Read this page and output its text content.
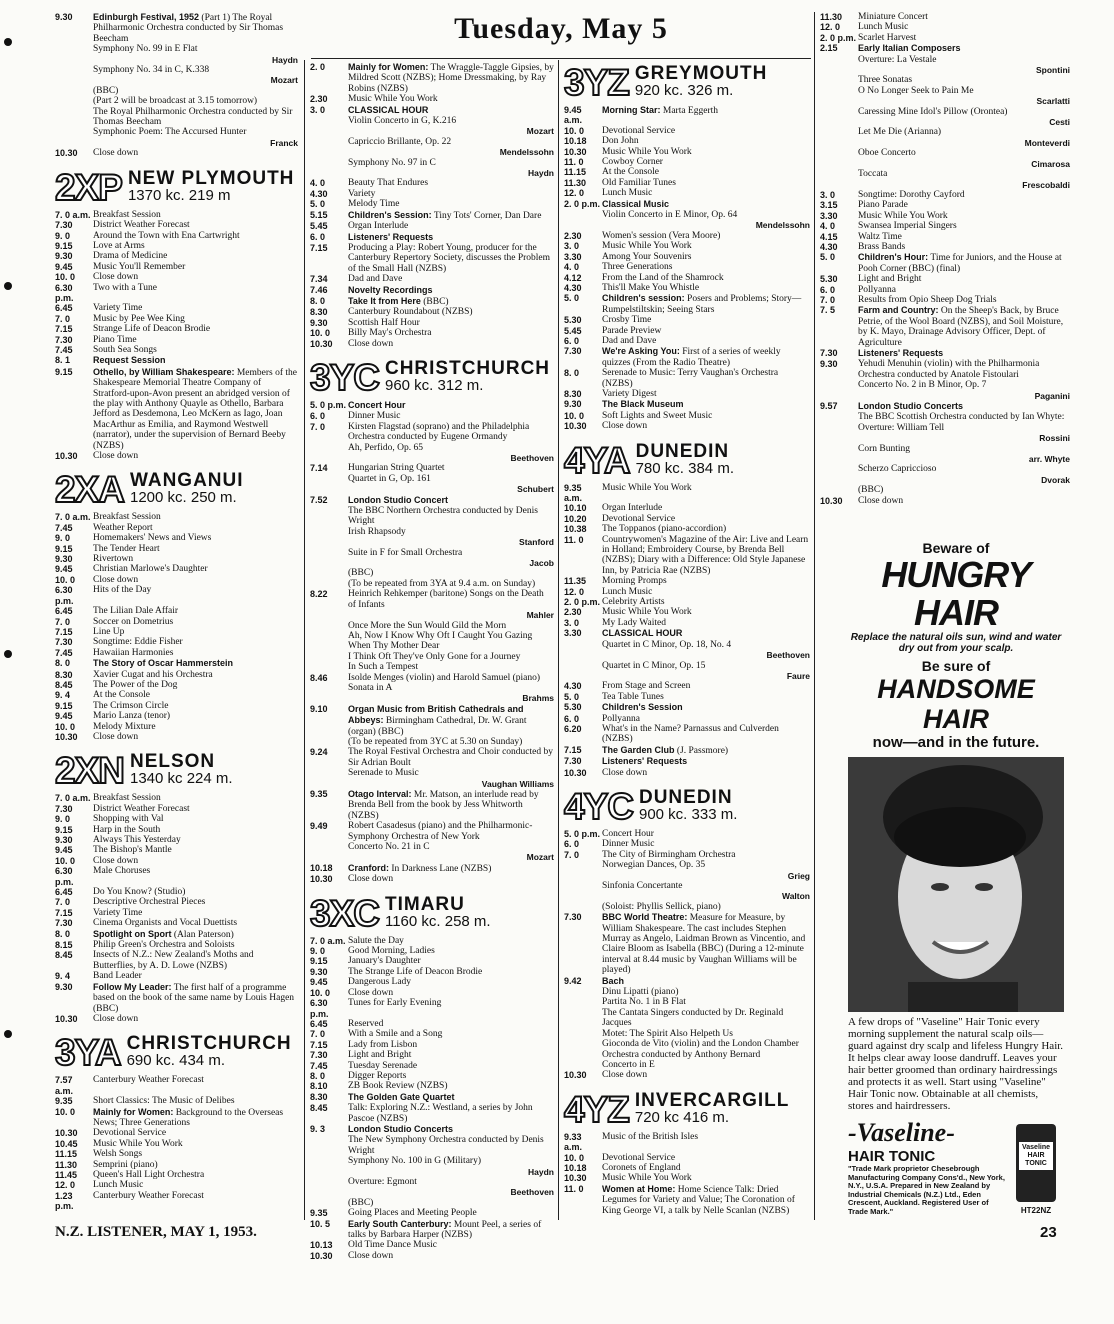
Tuesday, May 5
9.30	Edinburgh Festival, 1952 (Part 1) The Royal Philharmonic Orchestra conducted by Sir Thomas Beecham
Symphony No. 99 in E Flat
Haydn
Symphony No. 34 in C, K.338
Mozart
(BBC)
(Part 2 will be broadcast at 3.15 tomorrow)
The Royal Philharmonic Orchestra conducted by Sir Thomas Beecham
Symphonic Poem: The Accursed Hunter
Franck
10.30	Close down
2XP NEW PLYMOUTH
1370 kc. 219 m
7. 0 a.m. Breakfast Session
7.30	District Weather Forecast
9. 0	Around the Town with Ena Cartwright
9.15	Love at Arms
9.30	Drama of Medicine
9.45	Music You'll Remember
10. 0	Close down
6.30 p.m.
Two with a Tune
6.45	Variety Time
7. 0	Music by Pee Wee King
7.15	Strange Life of Deacon Brodie
7.30	Piano Time
7.45	South Sea Songs
8. 1	Request Session
9.15	Othello, by William Shakespeare: Members of the Shakespeare Memorial Theatre Company of Stratford-upon-Avon present an abridged version of the play with Anthony Quayle as Othello, Barbara Jefford as Desdemona, Leo McKern as Iago, Joan MacArthur as Emilia, and Raymond Westwell (narrator), under the supervision of Bernard Beeby (NZBS)
10.30	Close down
2XA WANGANUI
1200 kc. 250 m.
7. 0 a.m. Breakfast Session
7.45	Weather Report
9. 0	Homemakers' News and Views
9.15	The Tender Heart
9.30	Rivertown
9.45	Christian Marlowe's Daughter
10. 0	Close down
6.30 p.m.
Hits of the Day
6.45	The Lilian Dale Affair
7. 0	Soccer on Dometrius
7.15	Line Up
7.30	Songtime: Eddie Fisher
7.45	Hawaiian Harmonies
8. 0	The Story of Oscar Hammerstein
8.30	Xavier Cugat and his Orchestra
8.45	The Power of the Dog
9. 4	At the Console
9.15	The Crimson Circle
9.45	Mario Lanza (tenor)
10. 0	Melody Mixture
10.30	Close down
2XN NELSON
1340 kc 224 m.
7. 0 a.m. Breakfast Session
7.30	District Weather Forecast
9. 0	Shopping with Val
9.15	Harp in the South
9.30	Always This Yesterday
9.45	The Bishop's Mantle
10. 0	Close down
6.30 p.m.
Male Choruses
6.45	Do You Know? (Studio)
7. 0	Descriptive Orchestral Pieces
7.15	Variety Time
7.30	Cinema Organists and Vocal Duettists
8. 0	Spotlight on Sport (Alan Paterson)
8.15	Philip Green's Orchestra and Soloists
8.45	Insects of N.Z.: New Zealand's Moths and Butterflies, by A. D. Lowe (NZBS)
9. 4	Band Leader
9.30	Follow My Leader: The first half of a programme based on the book of the same name by Louis Hagen (BBC)
10.30	Close down
3YA CHRISTCHURCH
690 kc. 434 m.
7.57 a.m.
Canterbury Weather Forecast
9.35	Short Classics: The Music of Delibes
10. 0	Mainly for Women: Background to the Overseas News; Three Generations
10.30	Devotional Service
10.45	Music While You Work
11.15	Welsh Songs
11.30	Semprini (piano)
11.45	Queen's Hall Light Orchestra
12. 0	Lunch Music
1.23 p.m.
Canterbury Weather Forecast
2. 0	Mainly for Women: The Wraggle-Taggle Gipsies, by Mildred Scott (NZBS); Home Dressmaking, by Ray Robins (NZBS)
2.30	Music While You Work
3. 0	CLASSICAL HOUR
Violin Concerto in G, K.216
Mozart
Capriccio Brillante, Op. 22
Mendelssohn
Symphony No. 97 in C
Haydn
4. 0	Beauty That Endures
4.30	Variety
5. 0	Melody Time
5.15	Children's Session: Tiny Tots' Corner, Dan Dare
5.45	Organ Interlude
6. 0	Listeners' Requests
7.15	Producing a Play: Robert Young, producer for the Canterbury Repertory Society, discusses the Problem of the Small Hall (NZBS)
7.34	Dad and Dave
7.46	Novelty Recordings
8. 0	Take It from Here (BBC)
8.30	Canterbury Roundabout (NZBS)
9.30	Scottish Half Hour
10. 0	Billy May's Orchestra
10.30	Close down
3YC CHRISTCHURCH
960 kc. 312 m.
5. 0 p.m. Concert Hour
6. 0	Dinner Music
7. 0	Kirsten Flagstad (soprano) and the Philadelphia Orchestra conducted by Eugene Ormandy
Ah, Perfido, Op. 65
Beethoven
7.14	Hungarian String Quartet
Quartet in G, Op. 161
Schubert
7.52	London Studio Concert
The BBC Northern Orchestra conducted by Denis Wright
Irish Rhapsody
Stanford
Suite in F for Small Orchestra
Jacob
(BBC)
(To be repeated from 3YA at 9.4 a.m. on Sunday)
8.22	Heinrich Rehkemper (baritone) Songs on the Death of Infants
Mahler
Once More the Sun Would Gild the Morn
Ah, Now I Know Why Oft I Caught You Gazing
When Thy Mother Dear
I Think Oft They've Only Gone for a Journey
In Such a Tempest
8.46	Isolde Menges (violin) and Harold Samuel (piano)
Sonata in A
Brahms
9.10	Organ Music from British Cathedrals and Abbeys: Birmingham Cathedral, Dr. W. Grant (organ) (BBC)
(To be repeated from 3YC at 5.30 on Sunday)
9.24	The Royal Festival Orchestra and Choir conducted by Sir Adrian Boult
Serenade to Music
Vaughan Williams
9.35	Otago Interval: Mr. Matson, an interlude read by Brenda Bell from the book by Jess Whitworth (NZBS)
9.49	Robert Casadesus (piano) and the Philharmonic-Symphony Orchestra of New York
Concerto No. 21 in C
Mozart
10.18	Cranford: In Darkness Lane (NZBS)
10.30	Close down
3XC TIMARU
1160 kc. 258 m.
7. 0 a.m. Salute the Day
9. 0	Good Morning, Ladies
9.15	January's Daughter
9.30	The Strange Life of Deacon Brodie
9.45	Dangerous Lady
10. 0	Close down
6.30 p.m.
Tunes for Early Evening
6.45	Reserved
7. 0	With a Smile and a Song
7.15	Lady from Lisbon
7.30	Light and Bright
7.45	Tuesday Serenade
8. 0	Digger Reports
8.10	ZB Book Review (NZBS)
8.30	The Golden Gate Quartet
8.45	Talk: Exploring N.Z.: Westland, a series by John Pascoe (NZBS)
9. 3	London Studio Concerts
The New Symphony Orchestra conducted by Denis Wright
Symphony No. 100 in G (Military)
Haydn
Overture: Egmont
Beethoven
(BBC)
9.35	Going Places and Meeting People
10. 5	Early South Canterbury: Mount Peel, a series of talks by Barbara Harper (NZBS)
10.13	Old Time Dance Music
10.30	Close down
3YZ GREYMOUTH
920 kc. 326 m.
9.45 a.m.
Morning Star: Marta Eggerth
10. 0	Devotional Service
10.18	Don John
10.30	Music While You Work
11. 0	Cowboy Corner
11.15	At the Console
11.30	Old Familiar Tunes
12. 0	Lunch Music
2. 0 p.m. Classical Music
Violin Concerto in E Minor, Op. 64
Mendelssohn
2.30	Women's session (Vera Moore)
3. 0	Music While You Work
3.30	Among Your Souvenirs
4. 0	Three Generations
4.12	From the Land of the Shamrock
4.30	This'll Make You Whistle
5. 0	Children's session: Posers and Problems; Story—Rumpelstiltskin; Seeing Stars
5.30	Crosby Time
5.45	Parade Preview
6. 0	Dad and Dave
7.30	We're Asking You: First of a series of weekly quizzes (From the Radio Theatre)
8. 0	Serenade to Music: Terry Vaughan's Orchestra (NZBS)
8.30	Variety Digest
9.30	The Black Museum
10. 0	Soft Lights and Sweet Music
10.30	Close down
4YA DUNEDIN
780 kc. 384 m.
9.35 a.m.
Music While You Work
10.10	Organ Interlude
10.20	Devotional Service
10.38	The Toppanos (piano-accordion)
11. 0	Countrywomen's Magazine of the Air: Live and Learn in Holland; Embroidery Course, by Brenda Bell (NZBS); Diary with a Difference: Old Style Japanese Inn, by Patricia Rae (NZBS)
11.35	Morning Promps
12. 0	Lunch Music
2. 0 p.m. Celebrity Artists
2.30	Music While You Work
3. 0	My Lady Waited
3.30	CLASSICAL HOUR
Quartet in C Minor, Op. 18, No. 4
Beethoven
Quartet in C Minor, Op. 15
Faure
4.30	From Stage and Screen
5. 0	Tea Table Tunes
5.30	Children's Session
6. 0	Pollyanna
6.20	What's in the Name? Parnassus and Culverden (NZBS)
7.15	The Garden Club (J. Passmore)
7.30	Listeners' Requests
10.30	Close down
4YC DUNEDIN
900 kc. 333 m.
5. 0 p.m. Concert Hour
6. 0	Dinner Music
7. 0	The City of Birmingham Orchestra
Norwegian Dances, Op. 35
Grieg
Sinfonia Concertante
Walton
(Soloist: Phyllis Sellick, piano)
7.30	BBC World Theatre: Measure for Measure, by William Shakespeare. The cast includes Stephen Murray as Angelo, Laidman Brown as Vincentio, and Claire Bloom as Isabella (BBC) (During a 12-minute interval at 8.44 music by Vaughan Williams will be played)
9.42	Bach
Dinu Lipatti (piano)
Partita No. 1 in B Flat
The Cantata Singers conducted by Dr. Reginald Jacques
Motet: The Spirit Also Helpeth Us
Gioconda de Vito (violin) and the London Chamber Orchestra conducted by Anthony Bernard
Concerto in E
10.30	Close down
4YZ INVERCARGILL
720 kc 416 m.
9.33 a.m.
Music of the British Isles
10. 0	Devotional Service
10.18	Coronets of England
10.30	Music While You Work
11. 0	Women at Home: Home Science Talk: Dried Legumes for Variety and Value; The Coronation of King George VI, a talk by Nelle Scanlan (NZBS)
11.30	Miniature Concert
12. 0	Lunch Music
2. 0 p.m. Scarlet Harvest
2.15	Early Italian Composers
Overture: La Vestale
Spontini
Three Sonatas
O No Longer Seek to Pain Me
Scarlatti
Caressing Mine Idol's Pillow (Orontea)
Cesti
Let Me Die (Arianna)
Monteverdi
Oboe Concerto
Cimarosa
Toccata
Frescobaldi
3. 0	Songtime: Dorothy Cayford
3.15	Piano Parade
3.30	Music While You Work
4. 0	Swansea Imperial Singers
4.15	Waltz Time
4.30	Brass Bands
5. 0	Children's Hour: Time for Juniors, and the House at Pooh Corner (BBC) (final)
5.30	Light and Bright
6. 0	Pollyanna
7. 0	Results from Opio Sheep Dog Trials
7. 5	Farm and Country: On the Sheep's Back, by Bruce Petrie, of the Wool Board (NZBS), and Soil Moisture, by K. Mayo, Drainage Advisory Officer, Dept. of Agriculture
7.30	Listeners' Requests
9.30	Yehudi Menuhin (violin) with the Philharmonia Orchestra conducted by Anatole Fistoulari
Concerto No. 2 in B Minor, Op. 7
Paganini
9.57	London Studio Concerts
The BBC Scottish Orchestra conducted by Ian Whyte:
Overture: William Tell
Rossini
Corn Bunting
arr. Whyte
Scherzo Capriccioso
Dvorak
(BBC)
10.30	Close down
Beware of
HUNGRY HAIR
Replace the natural oils sun, wind and water dry out from your scalp.
Be sure of
HANDSOME HAIR
now—and in the future.
A few drops of "Vaseline" Hair Tonic every morning supplement the natural scalp oils—guard against dry scalp and lifeless Hungry Hair. It helps clear away loose dandruff. Leaves your hair better groomed than ordinary hairdressings and protects it as well. Start using "Vaseline" Hair Tonic now. Obtainable at all chemists, stores and hairdressers.
-Vaseline-
HAIR TONIC
"Trade Mark proprietor Chesebrough Manufacturing Company Cons'd., New York, N.Y., U.S.A. Prepared in New Zealand by Industrial Chemicals (N.Z.) Ltd., Eden Crescent, Auckland. Registered User of Trade Mark."
Vaseline HAIR TONIC
HT22NZ
N.Z. LISTENER, MAY 1, 1953.	23
